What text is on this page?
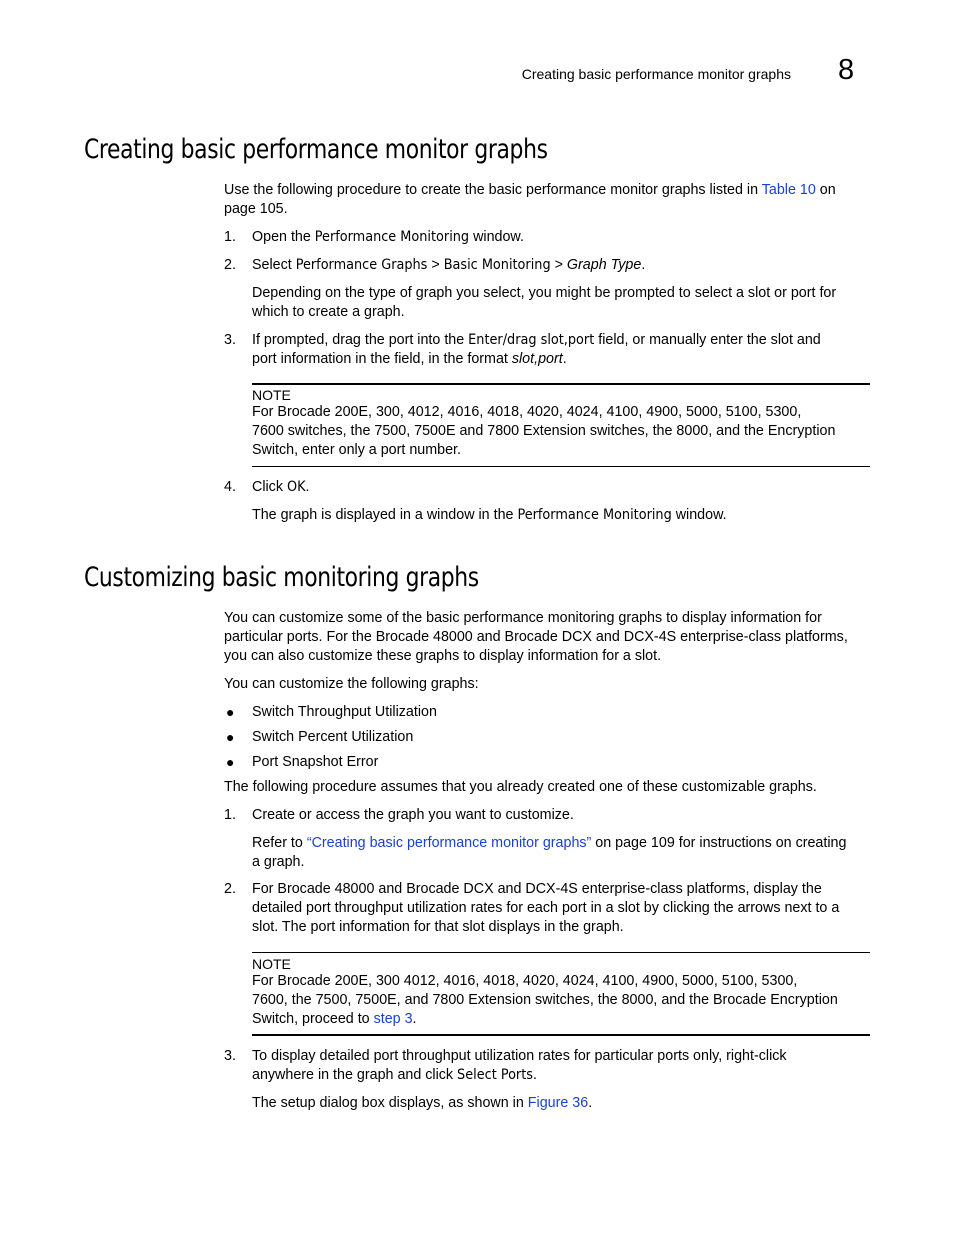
Creating basic performance monitor graphs 8
Creating basic performance monitor graphs
Use the following procedure to create the basic performance monitor graphs listed in Table 10 on
page 105.
1. Open the Performance Monitoring window.
2. Select Performance Graphs > Basic Monitoring > Graph Type.
Depending on the type of graph you select, you might be prompted to select a slot or port for
which to create a graph.
3. If prompted, drag the port into the Enter/drag slot,port field, or manually enter the slot and
port information in the field, in the format slot,port.
NOTE
For Brocade 200E, 300, 4012, 4016, 4018, 4020, 4024, 4100, 4900, 5000, 5100, 5300,
7600 switches, the 7500, 7500E and 7800 Extension switches, the 8000, and the Encryption
Switch, enter only a port number.
4. Click OK.
The graph is displayed in a window in the Performance Monitoring window.
Customizing basic monitoring graphs
You can customize some of the basic performance monitoring graphs to display information for
particular ports. For the Brocade 48000 and Brocade DCX and DCX-4S enterprise-class platforms,
you can also customize these graphs to display information for a slot.
You can customize the following graphs:
● Switch Throughput Utilization
● Switch Percent Utilization
● Port Snapshot Error
The following procedure assumes that you already created one of these customizable graphs.
1. Create or access the graph you want to customize.
Refer to “Creating basic performance monitor graphs” on page 109 for instructions on creating
a graph.
2. For Brocade 48000 and Brocade DCX and DCX-4S enterprise-class platforms, display the
detailed port throughput utilization rates for each port in a slot by clicking the arrows next to a
slot. The port information for that slot displays in the graph.
NOTE
For Brocade 200E, 300 4012, 4016, 4018, 4020, 4024, 4100, 4900, 5000, 5100, 5300,
7600, the 7500, 7500E, and 7800 Extension switches, the 8000, and the Brocade Encryption
Switch, proceed to step 3.
3. To display detailed port throughput utilization rates for particular ports only, right-click
anywhere in the graph and click Select Ports.
The setup dialog box displays, as shown in Figure 36.
